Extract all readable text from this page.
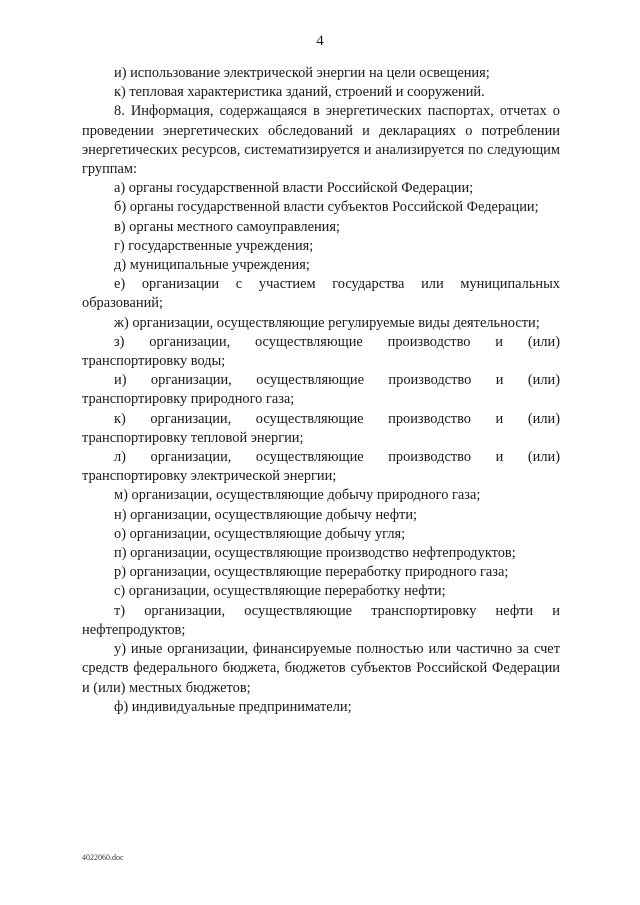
4

и) использование электрической энергии на цели освещения;

к) тепловая характеристика зданий, строений и сооружений.

8. Информация, содержащаяся в энергетических паспортах, отчетах о проведении энергетических обследований и декларациях о потреблении энергетических ресурсов, систематизируется и анализируется по следующим группам:

а) органы государственной власти Российской Федерации;

б) органы государственной власти субъектов Российской Федерации;

в) органы местного самоуправления;

г) государственные учреждения;

д) муниципальные учреждения;

е) организации с участием государства или муниципальных образований;

ж) организации, осуществляющие регулируемые виды деятельности;

з) организации, осуществляющие производство и (или) транспортировку воды;

и) организации, осуществляющие производство и (или) транспортировку природного газа;

к) организации, осуществляющие производство и (или) транспортировку тепловой энергии;

л) организации, осуществляющие производство и (или) транспортировку электрической энергии;

м) организации, осуществляющие добычу природного газа;

н) организации, осуществляющие добычу нефти;

о) организации, осуществляющие добычу угля;

п) организации, осуществляющие производство нефтепродуктов;

р) организации, осуществляющие переработку природного газа;

с) организации, осуществляющие переработку нефти;

т) организации, осуществляющие транспортировку нефти и нефтепродуктов;

у) иные организации, финансируемые полностью или частично за счет средств федерального бюджета, бюджетов субъектов Российской Федерации и (или) местных бюджетов;

ф) индивидуальные предприниматели;

4022060.doc
